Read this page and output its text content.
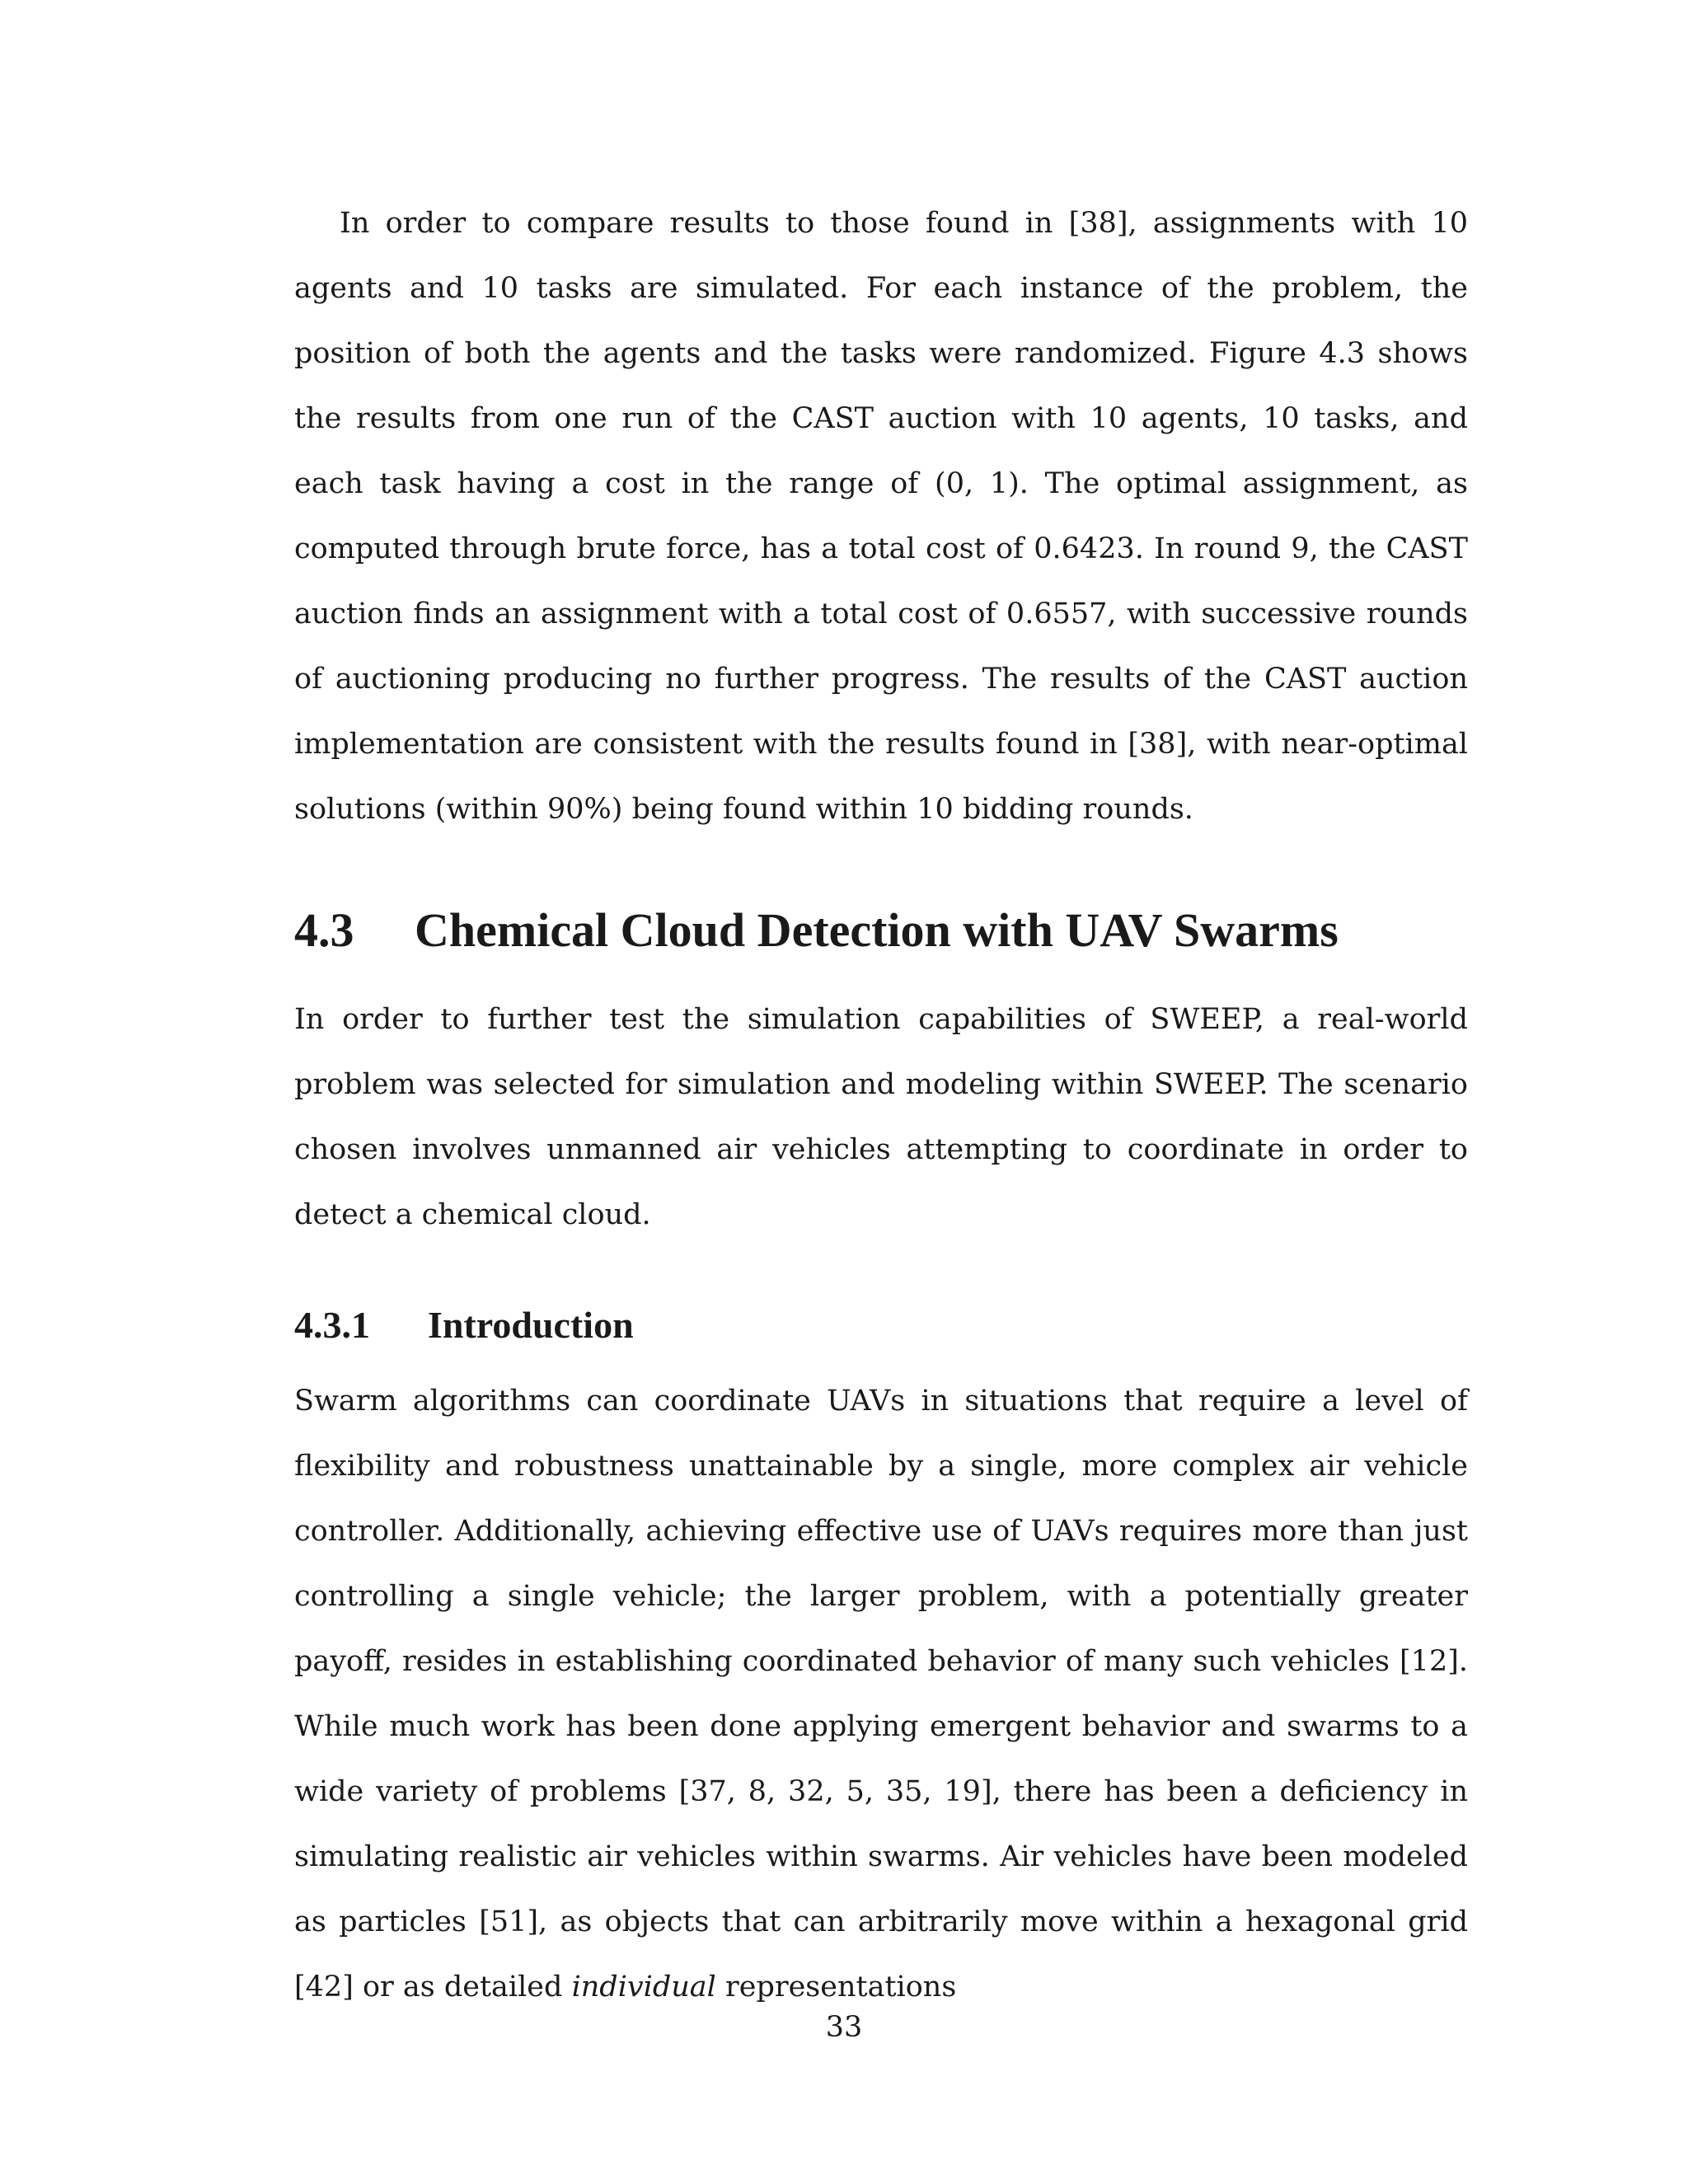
In order to compare results to those found in [38], assignments with 10 agents and 10 tasks are simulated. For each instance of the problem, the position of both the agents and the tasks were randomized. Figure 4.3 shows the results from one run of the CAST auction with 10 agents, 10 tasks, and each task having a cost in the range of (0, 1). The optimal assignment, as computed through brute force, has a total cost of 0.6423. In round 9, the CAST auction finds an assignment with a total cost of 0.6557, with successive rounds of auctioning producing no further progress. The results of the CAST auction implementation are consistent with the results found in [38], with near-optimal solutions (within 90%) being found within 10 bidding rounds.

4.3	Chemical Cloud Detection with UAV Swarms

In order to further test the simulation capabilities of SWEEP, a real-world problem was selected for simulation and modeling within SWEEP. The scenario chosen involves unmanned air vehicles attempting to coordinate in order to detect a chemical cloud.

4.3.1	Introduction

Swarm algorithms can coordinate UAVs in situations that require a level of flexibility and robustness unattainable by a single, more complex air vehicle controller. Additionally, achieving effective use of UAVs requires more than just controlling a single vehicle; the larger problem, with a potentially greater payoff, resides in establishing coordinated behavior of many such vehicles [12]. While much work has been done applying emergent behavior and swarms to a wide variety of problems [37, 8, 32, 5, 35, 19], there has been a deficiency in simulating realistic air vehicles within swarms. Air vehicles have been modeled as particles [51], as objects that can arbitrarily move within a hexagonal grid [42] or as detailed individual representations

33
